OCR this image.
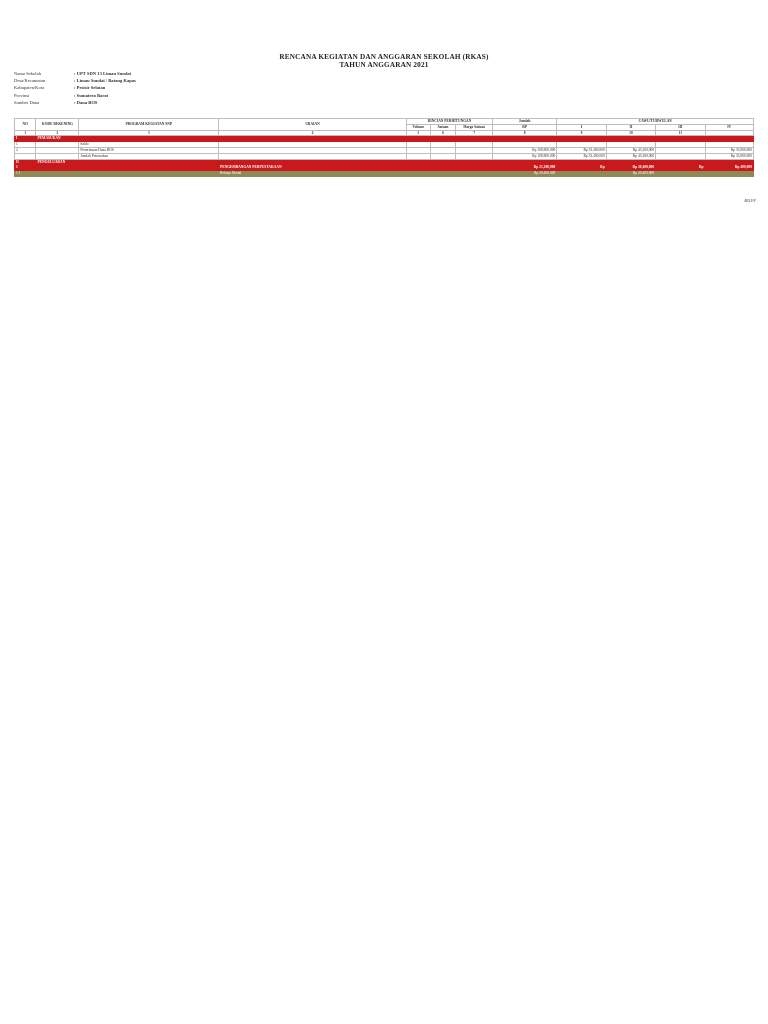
RENCANA KEGIATAN DAN ANGGARAN SEKOLAH (RKAS)
TAHUN ANGGARAN 2021
Nama Sekolah	: UPT SDN 13 Limau Sundai
Desa/Kecamatan	: Limau Sundai / Batang Kapas
Kabupaten/Kota	: Pesisir Selatan
Provinsi	: Sumatera Barat
Sumber Dana	: Dana BOS
NO	KODE REKENING	PROGRAM KEGIATAN SNP	URAIAN	RINCIAN PERHITUNGAN			Jumlah	CAWU/TURWULAN			
				Volume	Satuan	Harga Satuan	RP	I	II	III	IV
1	2	3	4	5	6	7	8	9	10	11	
I	PEMASUKAN										
1		Saldo									
2		Penerimaan Dana BOS					Rp 108,800,000	Rp 33,400,000	Rp 43,200,000		Rp 33,800,000
		Jumlah Pemasukan					Rp 108,800,000	Rp 33,400,000	Rp 43,200,000		Rp 33,800,000
II	PENGELUARAN										
1			PENGEMBANGAN PERPUSTAKAAN				Rp 21,200,000	Rp	Rp 20,400,000	Rp	Rp 400,000
1.1			Belanja Modal				Rp 20,400,000		Rp 20,400,000		
4BLEP
